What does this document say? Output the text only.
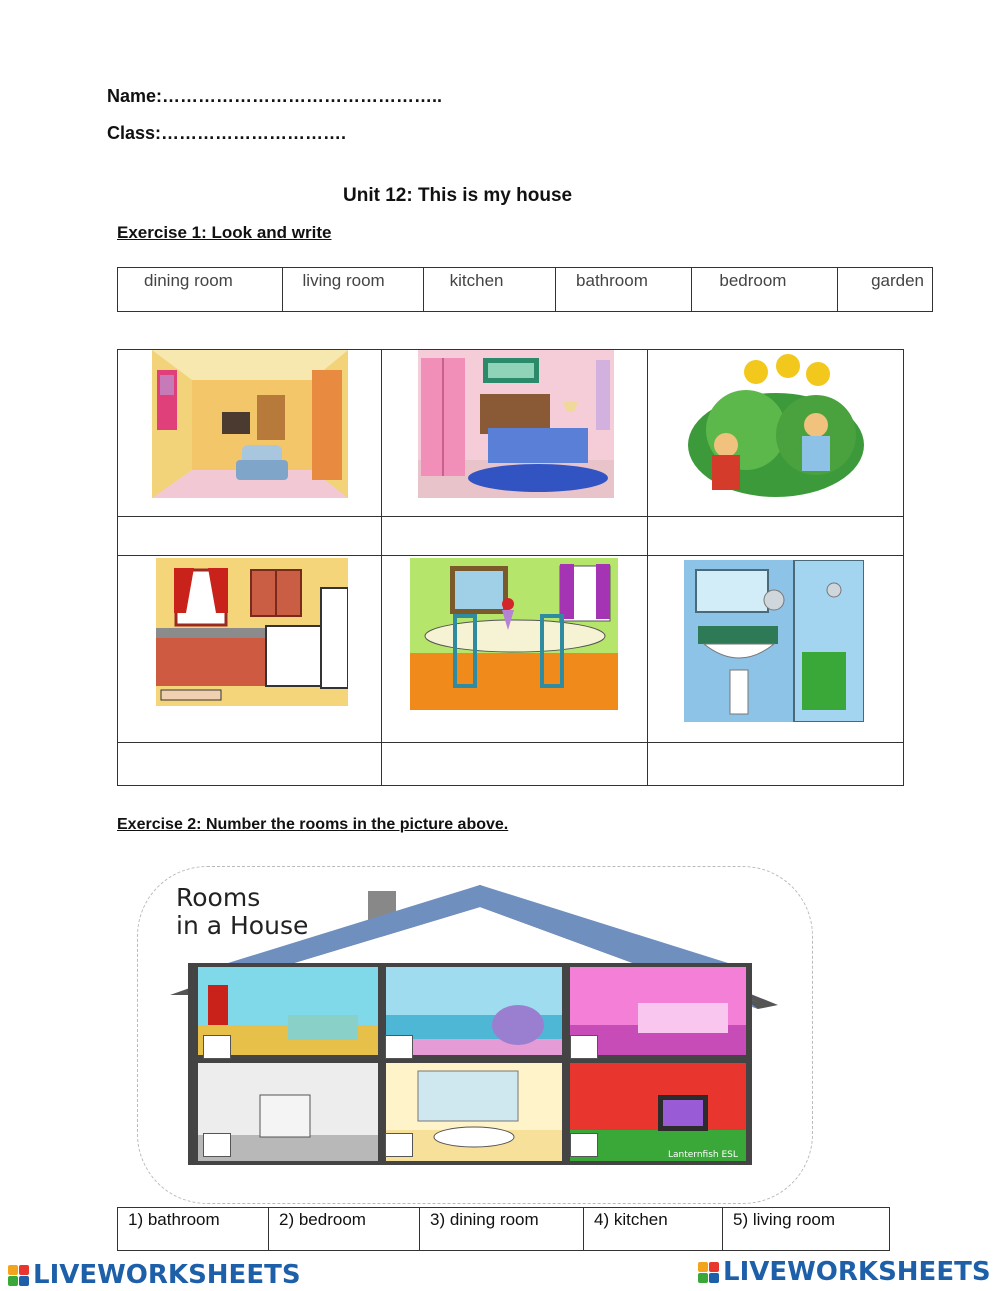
Name:………………………………………..
Class:………………………….
Unit 12: This is my house
Exercise 1: Look and write
dining room	living room	kitchen	bathroom	bedroom	garden

Exercise 2: Number the rooms in the picture above.
Rooms
in a House
Lanternfish ESL
1) bathroom	2) bedroom	3) dining room	4) kitchen	5) living room
LIVEWORKSHEETS	LIVEWORKSHEETS
